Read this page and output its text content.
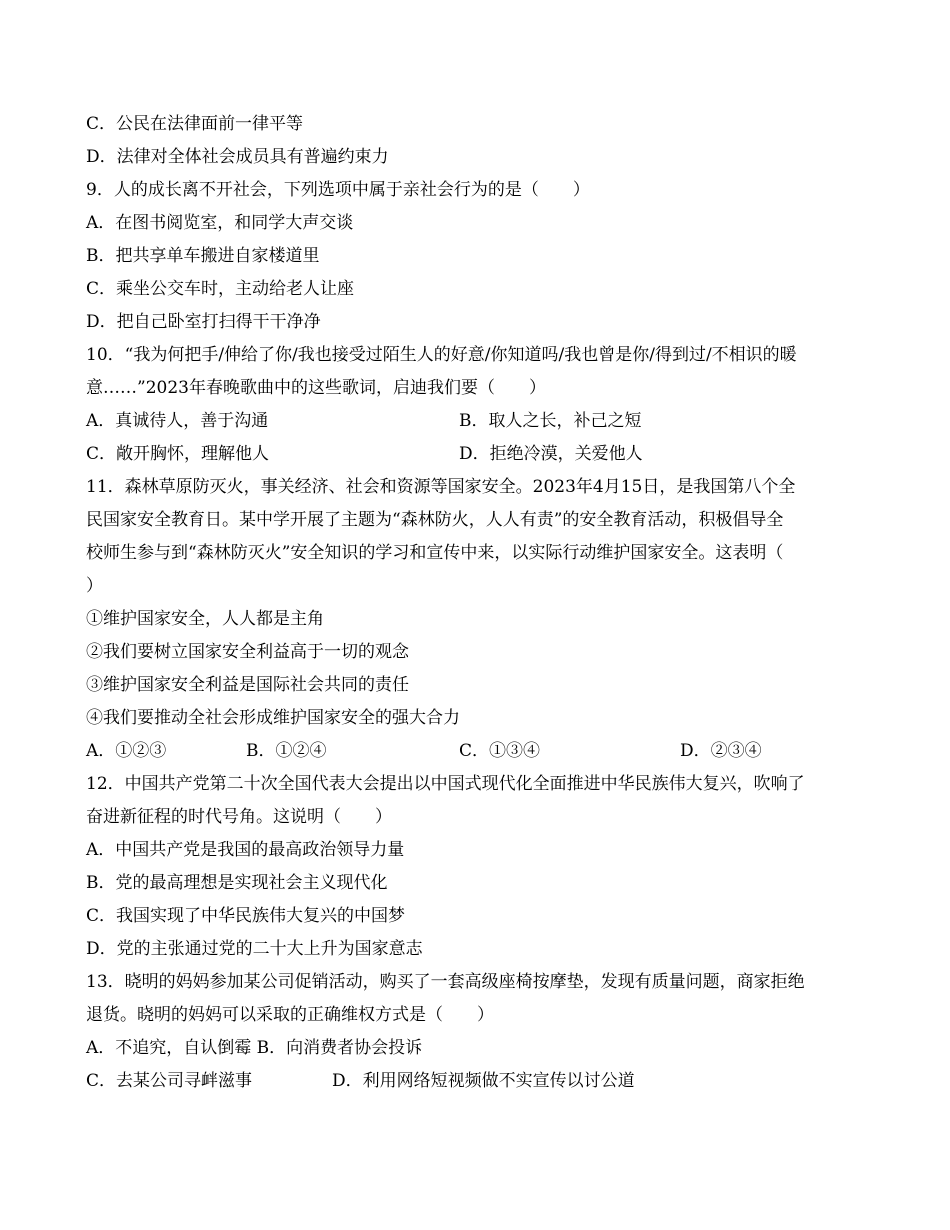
C．公民在法律面前一律平等
D．法律对全体社会成员具有普遍约束力
9．人的成长离不开社会，下列选项中属于亲社会行为的是（　　）
A．在图书阅览室，和同学大声交谈
B．把共享单车搬进自家楼道里
C．乘坐公交车时，主动给老人让座
D．把自己卧室打扫得干干净净
10．“我为何把手/伸给了你/我也接受过陌生人的好意/你知道吗/我也曾是你/得到过/不相识的暖
意……”2023年春晚歌曲中的这些歌词，启迪我们要（　　）
A．真诚待人，善于沟通	B．取人之长，补己之短
C．敞开胸怀，理解他人	D．拒绝冷漠，关爱他人
11．森林草原防灭火，事关经济、社会和资源等国家安全。2023年4月15日，是我国第八个全
民国家安全教育日。某中学开展了主题为“森林防火，人人有责”的安全教育活动，积极倡导全
校师生参与到“森林防灭火”安全知识的学习和宣传中来，以实际行动维护国家安全。这表明（
）
①维护国家安全，人人都是主角
②我们要树立国家安全利益高于一切的观念
③维护国家安全利益是国际社会共同的责任
④我们要推动全社会形成维护国家安全的强大合力
A．①②③	B．①②④	C．①③④	D．②③④
12．中国共产党第二十次全国代表大会提出以中国式现代化全面推进中华民族伟大复兴，吹响了
奋进新征程的时代号角。这说明（　　）
A．中国共产党是我国的最高政治领导力量
B．党的最高理想是实现社会主义现代化
C．我国实现了中华民族伟大复兴的中国梦
D．党的主张通过党的二十大上升为国家意志
13．晓明的妈妈参加某公司促销活动，购买了一套高级座椅按摩垫，发现有质量问题，商家拒绝
退货。晓明的妈妈可以采取的正确维权方式是（　　）
A．不追究，自认倒霉 B．向消费者协会投诉
C．去某公司寻衅滋事	D．利用网络短视频做不实宣传以讨公道
